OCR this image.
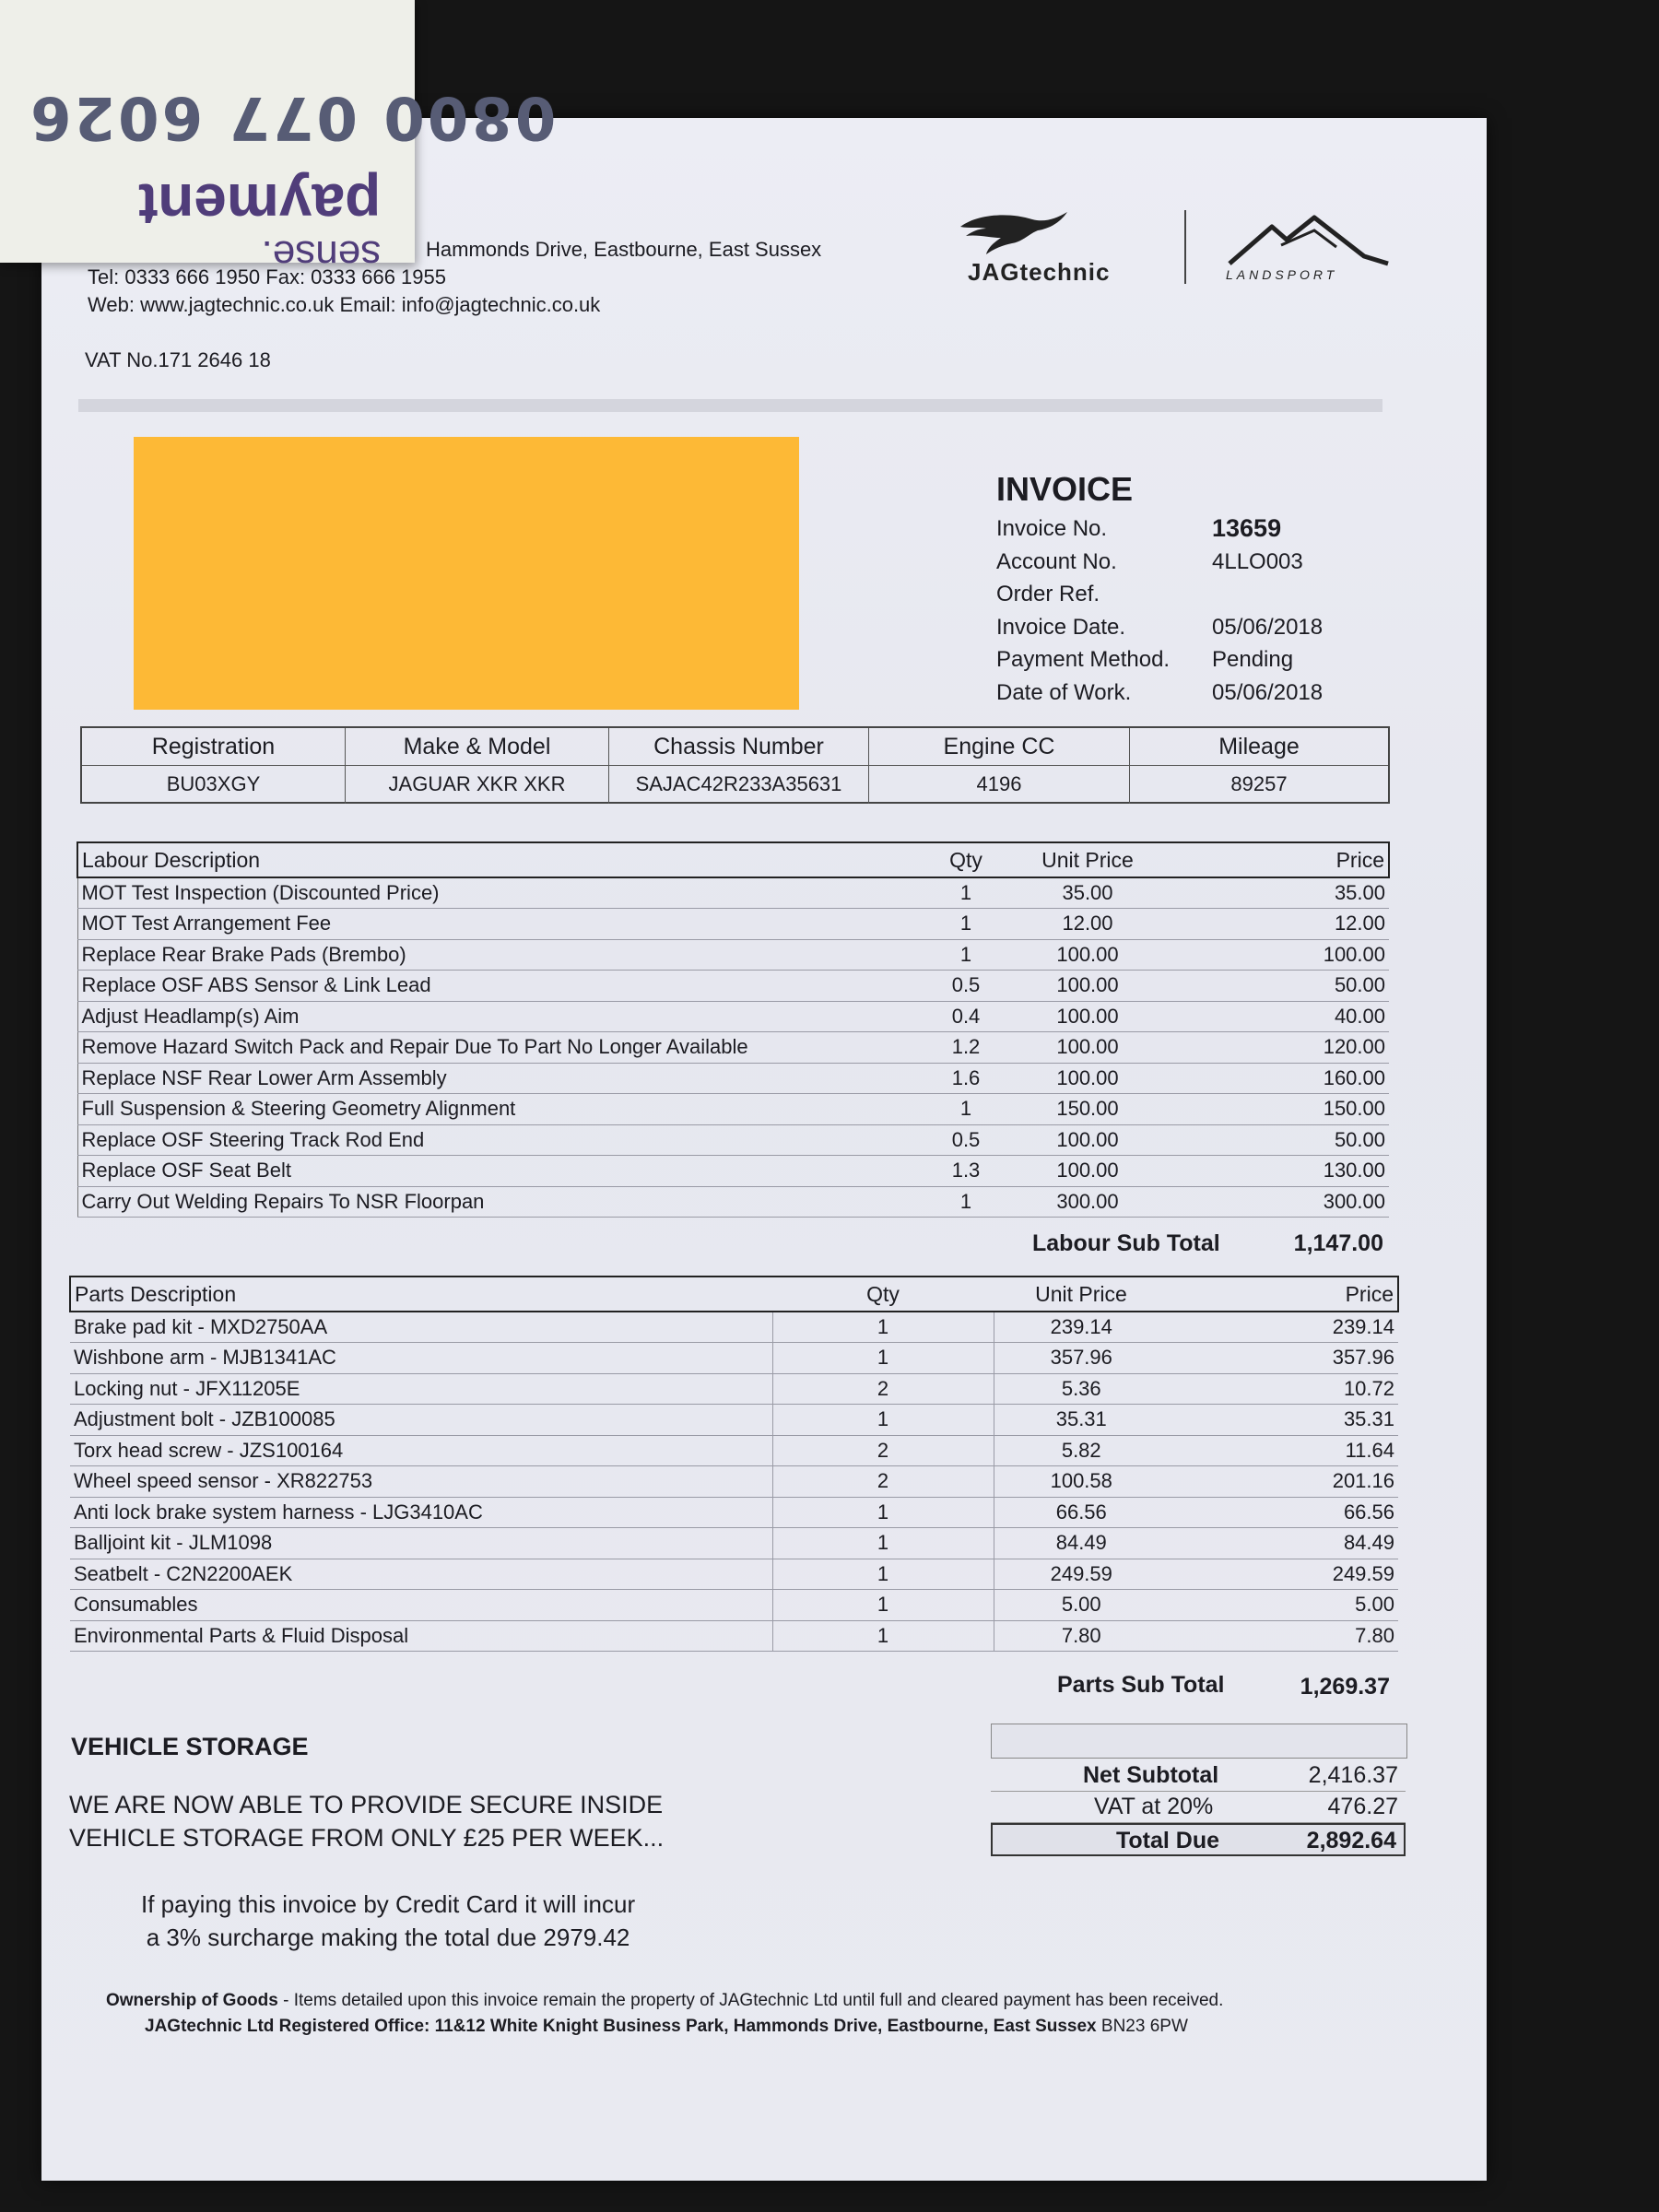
Hammonds Drive, Eastbourne, East Sussex
Tel: 0333 666 1950 Fax: 0333 666 1955
Web: www.jagtechnic.co.uk Email: info@jagtechnic.co.uk
VAT No.171 2646 18
JAGtechnic	LANDSPORT
INVOICE
Invoice No.	13659
Account No.	4LLO003
Order Ref.
Invoice Date.	05/06/2018
Payment Method. Pending
Date of Work.	05/06/2018
Registration	Make & Model	Chassis Number	Engine CC	Mileage
BU03XGY	JAGUAR XKR XKR	SAJAC42R233A35631	4196	89257
Labour Description	Qty	Unit Price	Price
MOT Test Inspection (Discounted Price)	1	35.00	35.00
MOT Test Arrangement Fee	1	12.00	12.00
Replace Rear Brake Pads (Brembo)	1	100.00	100.00
Replace OSF ABS Sensor & Link Lead	0.5	100.00	50.00
Adjust Headlamp(s) Aim	0.4	100.00	40.00
Remove Hazard Switch Pack and Repair Due To Part No Longer Available	1.2	100.00	120.00
Replace NSF Rear Lower Arm Assembly	1.6	100.00	160.00
Full Suspension & Steering Geometry Alignment	1	150.00	150.00
Replace OSF Steering Track Rod End	0.5	100.00	50.00
Replace OSF Seat Belt	1.3	100.00	130.00
Carry Out Welding Repairs To NSR Floorpan	1	300.00	300.00
Labour Sub Total	1,147.00
Parts Description	Qty	Unit Price	Price
Brake pad kit - MXD2750AA	1	239.14	239.14
Wishbone arm - MJB1341AC	1	357.96	357.96
Locking nut - JFX11205E	2	5.36	10.72
Adjustment bolt - JZB100085	1	35.31	35.31
Torx head screw - JZS100164	2	5.82	11.64
Wheel speed sensor - XR822753	2	100.58	201.16
Anti lock brake system harness - LJG3410AC	1	66.56	66.56
Balljoint kit - JLM1098	1	84.49	84.49
Seatbelt - C2N2200AEK	1	249.59	249.59
Consumables	1	5.00	5.00
Environmental Parts & Fluid Disposal	1	7.80	7.80
Parts Sub Total	1,269.37
VEHICLE STORAGE
WE ARE NOW ABLE TO PROVIDE SECURE INSIDE
VEHICLE STORAGE FROM ONLY £25 PER WEEK...
If paying this invoice by Credit Card it will incur
a 3% surcharge making the total due 2979.42
Net Subtotal	2,416.37
VAT at 20%	476.27
Total Due	2,892.64
Ownership of Goods - Items detailed upon this invoice remain the property of JAGtechnic Ltd until full and cleared payment has been received.
JAGtechnic Ltd Registered Office: 11&12 White Knight Business Park, Hammonds Drive, Eastbourne, East Sussex BN23 6PW
0800 077 6026
sense.
payment
